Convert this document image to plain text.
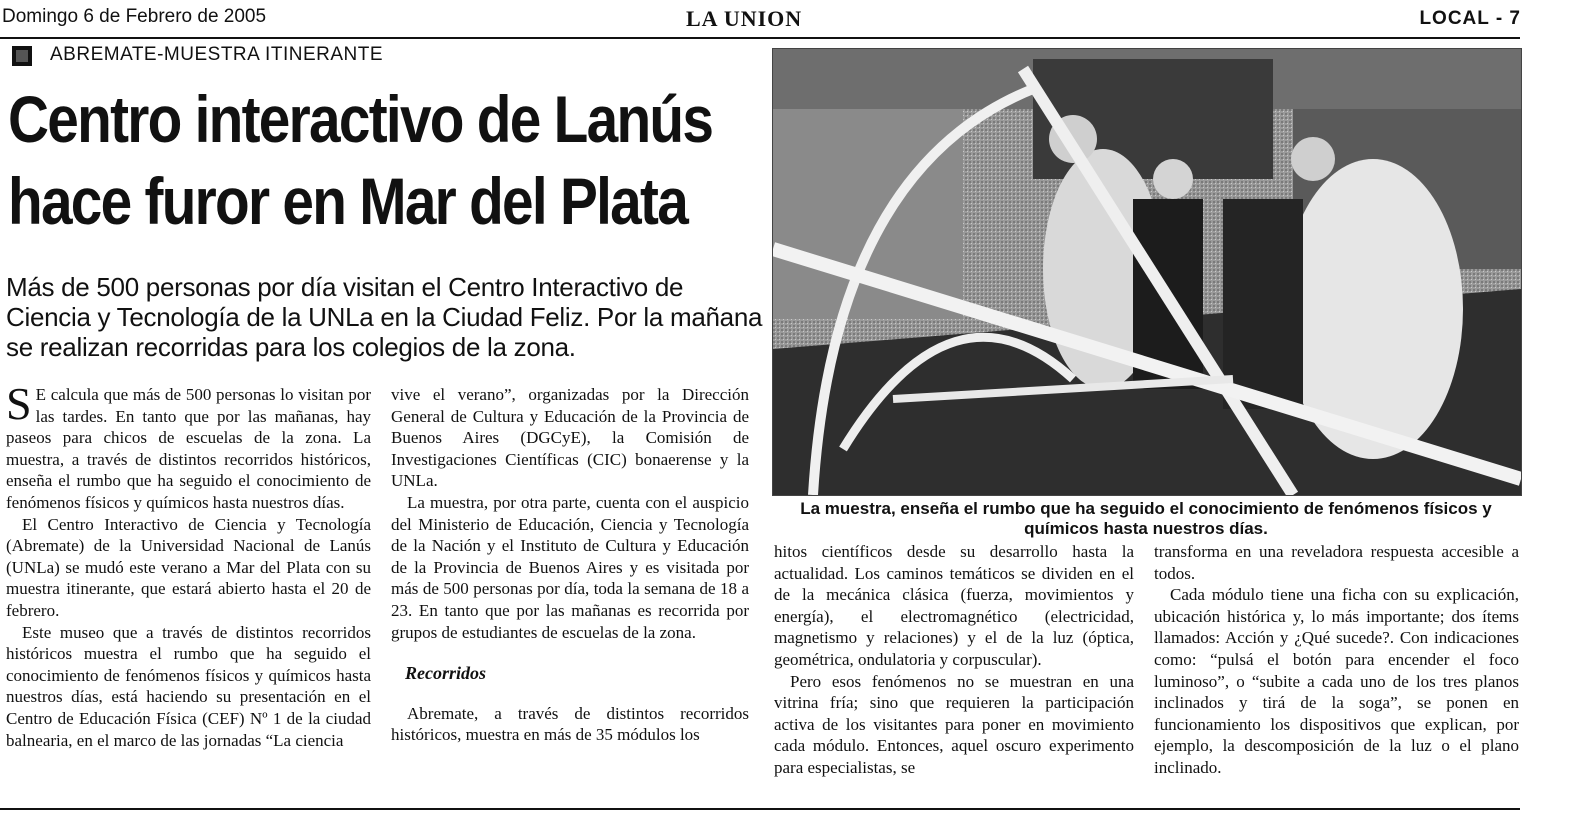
Domingo 6 de Febrero de 2005	LA UNION	LOCAL - 7
ABREMATE-MUESTRA ITINERANTE
Centro interactivo de Lanús
hace furor en Mar del Plata
Más de 500 personas por día visitan el Centro Interactivo de Ciencia y Tecnología de la UNLa en la Ciudad Feliz. Por la mañana se realizan recorridas para los colegios de la zona.

S E calcula que más de 500 personas lo visitan por las tardes. En tanto que por las mañanas, hay paseos para chicos de escuelas de la zona. La muestra, a través de distintos recorridos históricos, enseña el rumbo que ha seguido el conocimiento de fenómenos físicos y químicos hasta nuestros días.

El Centro Interactivo de Ciencia y Tecnología (Abremate) de la Universidad Nacional de Lanús (UNLa) se mudó este verano a Mar del Plata con su muestra itinerante, que estará abierto hasta el 20 de febrero.

Este museo que a través de distintos recorridos históricos muestra el rumbo que ha seguido el conocimiento de fenómenos físicos y químicos hasta nuestros días, está haciendo su presentación en el Centro de Educación Física (CEF) Nº 1 de la ciudad balnearia, en el marco de las jornadas “La ciencia

vive el verano”, organizadas por la Dirección General de Cultura y Educación de la Provincia de Buenos Aires (DGCyE), la Comisión de Investigaciones Científicas (CIC) bonaerense y la UNLa.

La muestra, por otra parte, cuenta con el auspicio del Ministerio de Educación, Ciencia y Tecnología de la Nación y el Instituto de Cultura y Educación de la Provincia de Buenos Aires y es visitada por más de 500 personas por día, toda la semana de 18 a 23. En tanto que por las mañanas es recorrida por grupos de estudiantes de escuelas de la zona.

Recorridos

Abremate, a través de distintos recorridos históricos, muestra en más de 35 módulos los

La muestra, enseña el rumbo que ha seguido el conocimiento de fenómenos físicos y químicos hasta nuestros días.

hitos científicos desde su desarrollo hasta la actualidad. Los caminos temáticos se dividen en el de la mecánica clásica (fuerza, movimientos y energía), el electromagnético (electricidad, magnetismo y relaciones) y el de la luz (óptica, geométrica, ondulatoria y corpuscular).

Pero esos fenómenos no se muestran en una vitrina fría; sino que requieren la participación activa de los visitantes para poner en movimiento cada módulo. Entonces, aquel oscuro experimento para especialistas, se

transforma en una reveladora respuesta accesible a todos.

Cada módulo tiene una ficha con su explicación, ubicación histórica y, lo más importante; dos ítems llamados: Acción y ¿Qué sucede?. Con indicaciones como: “pulsá el botón para encender el foco luminoso”, o “subite a cada uno de los tres planos inclinados y tirá de la soga”, se ponen en funcionamiento los dispositivos que explican, por ejemplo, la descomposición de la luz o el plano inclinado.
